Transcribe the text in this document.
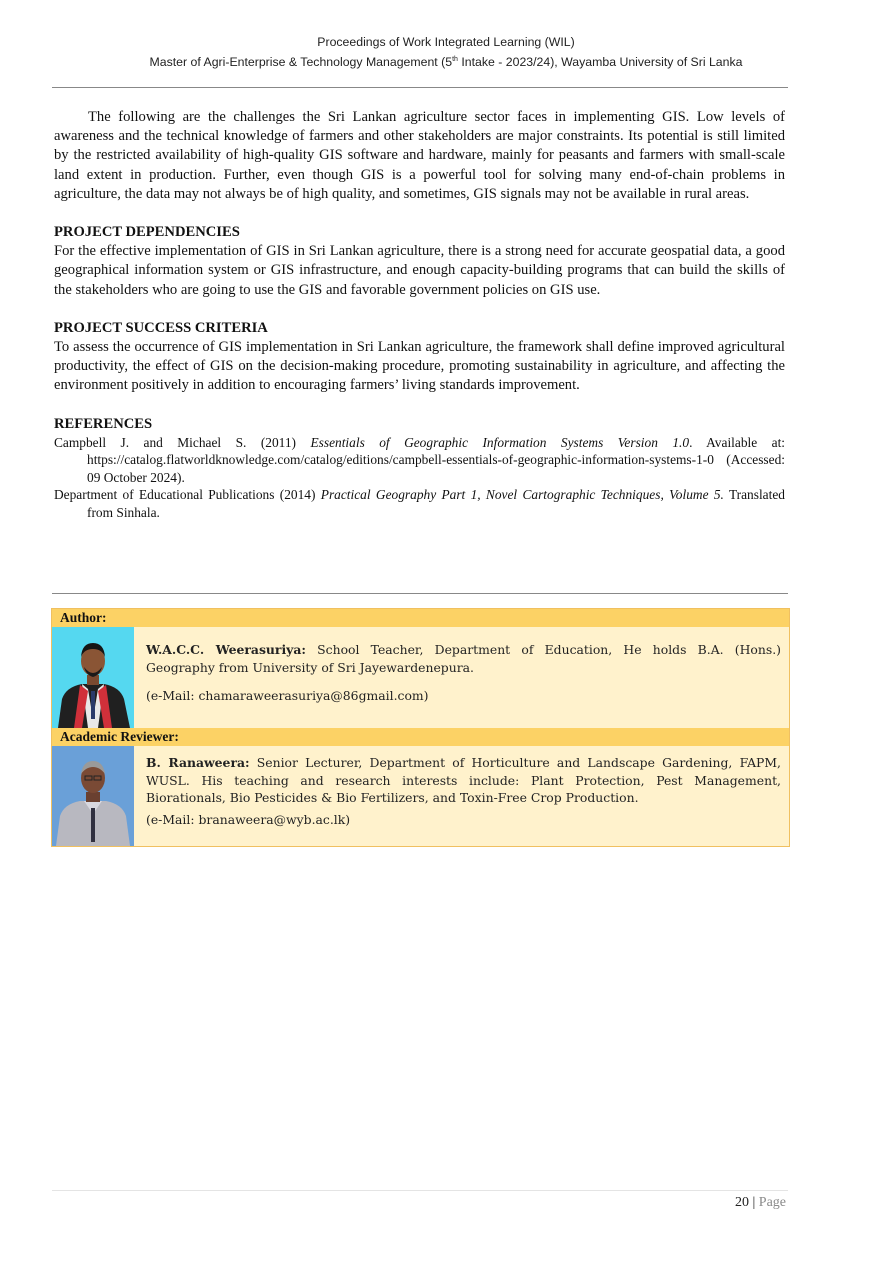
Proceedings of Work Integrated Learning (WIL)
Master of Agri-Enterprise & Technology Management (5th Intake - 2023/24), Wayamba University of Sri Lanka

The following are the challenges the Sri Lankan agriculture sector faces in implementing GIS. Low levels of awareness and the technical knowledge of farmers and other stakeholders are major constraints. Its potential is still limited by the restricted availability of high-quality GIS software and hardware, mainly for peasants and farmers with small-scale land extent in production. Further, even though GIS is a powerful tool for solving many end-of-chain problems in agriculture, the data may not always be of high quality, and sometimes, GIS signals may not be available in rural areas.

PROJECT DEPENDENCIES

For the effective implementation of GIS in Sri Lankan agriculture, there is a strong need for accurate geospatial data, a good geographical information system or GIS infrastructure, and enough capacity-building programs that can build the skills of the stakeholders who are going to use the GIS and favorable government policies on GIS use.

PROJECT SUCCESS CRITERIA

To assess the occurrence of GIS implementation in Sri Lankan agriculture, the framework shall define improved agricultural productivity, the effect of GIS on the decision-making procedure, promoting sustainability in agriculture, and affecting the environment positively in addition to encouraging farmers’ living standards improvement.

REFERENCES

Campbell J. and Michael S. (2011) Essentials of Geographic Information Systems Version 1.0. Available at: https://catalog.flatworldknowledge.com/catalog/editions/campbell-essentials-of-geographic-information-systems-1-0 (Accessed: 09 October 2024).

Department of Educational Publications (2014) Practical Geography Part 1, Novel Cartographic Techniques, Volume 5. Translated from Sinhala.

Author:

W.A.C.C. Weerasuriya: School Teacher, Department of Education, He holds B.A. (Hons.) Geography from University of Sri Jayewardenepura.

(e-Mail: chamaraweerasuriya@86gmail.com)

Academic Reviewer:

B. Ranaweera: Senior Lecturer, Department of Horticulture and Landscape Gardening, FAPM, WUSL. His teaching and research interests include: Plant Protection, Pest Management, Biorationals, Bio Pesticides & Bio Fertilizers, and Toxin-Free Crop Production.

(e-Mail: branaweera@wyb.ac.lk)

20 | Page
